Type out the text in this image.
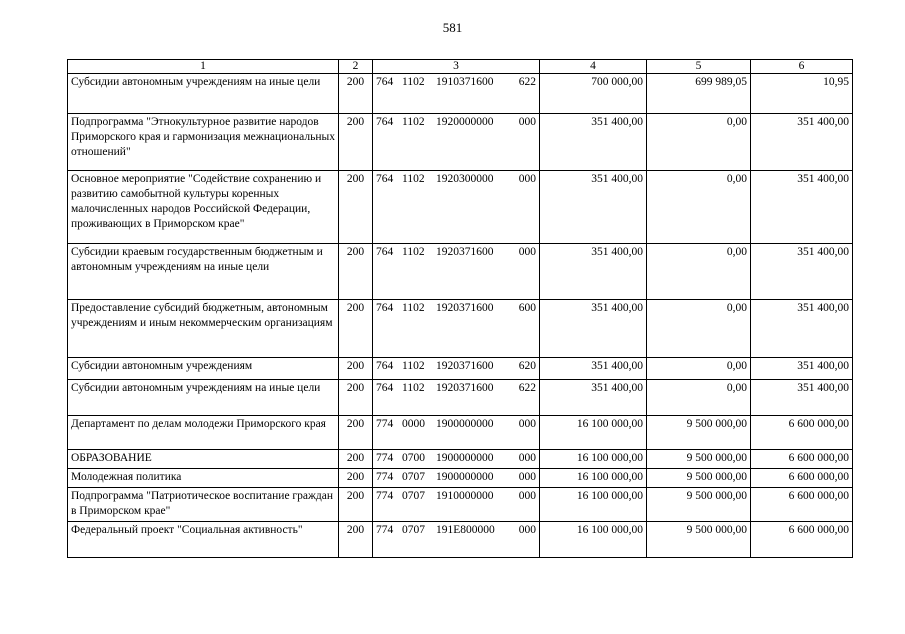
581
1	2	3	4	5	6
Субсидии автономным учреждениям на иные цели	200	764 1102 1910371600 622	700 000,00	699 989,05	10,95
Подпрограмма "Этнокультурное развитие народов Приморского края и гармонизация межнациональных отношений"	200	764 1102 1920000000 000	351 400,00	0,00	351 400,00
Основное мероприятие "Содействие сохранению и развитию самобытной культуры коренных малочисленных народов Российской Федерации, проживающих в Приморском крае"	200	764 1102 1920300000 000	351 400,00	0,00	351 400,00
Субсидии краевым государственным бюджетным и автономным учреждениям на иные цели	200	764 1102 1920371600 000	351 400,00	0,00	351 400,00
Предоставление субсидий бюджетным, автономным учреждениям и иным некоммерческим организациям	200	764 1102 1920371600 600	351 400,00	0,00	351 400,00
Субсидии автономным учреждениям	200	764 1102 1920371600 620	351 400,00	0,00	351 400,00
Субсидии автономным учреждениям на иные цели	200	764 1102 1920371600 622	351 400,00	0,00	351 400,00
Департамент по делам молодежи Приморского края	200	774 0000 1900000000 000	16 100 000,00	9 500 000,00	6 600 000,00
ОБРАЗОВАНИЕ	200	774 0700 1900000000 000	16 100 000,00	9 500 000,00	6 600 000,00
Молодежная политика	200	774 0707 1900000000 000	16 100 000,00	9 500 000,00	6 600 000,00
Подпрограмма "Патриотическое воспитание граждан в Приморском крае"	200	774 0707 1910000000 000	16 100 000,00	9 500 000,00	6 600 000,00
Федеральный проект "Социальная активность"	200	774 0707 191E800000 000	16 100 000,00	9 500 000,00	6 600 000,00
